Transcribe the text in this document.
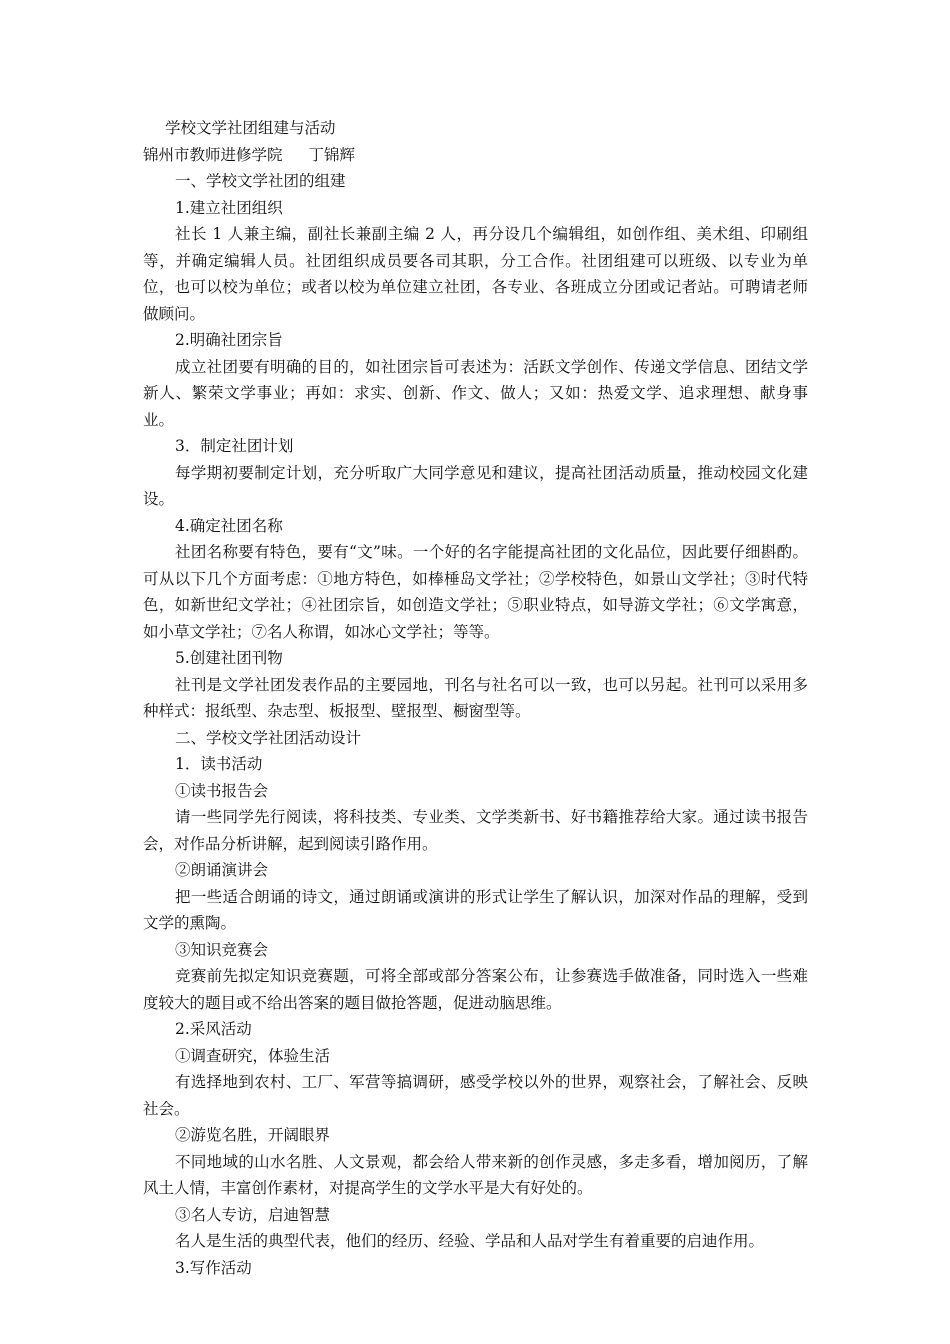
学校文学社团组建与活动
锦州市教师进修学院 丁锦辉
一、学校文学社团的组建
1.建立社团组织

社长 1 人兼主编，副社长兼副主编 2 人，再分设几个编辑组，如创作组、美术组、印刷组等，并确定编辑人员。社团组织成员要各司其职，分工合作。社团组建可以班级、以专业为单位，也可以校为单位；或者以校为单位建立社团，各专业、各班成立分团或记者站。可聘请老师做顾问。

2.明确社团宗旨

成立社团要有明确的目的，如社团宗旨可表述为：活跃文学创作、传递文学信息、团结文学新人、繁荣文学事业；再如：求实、创新、作文、做人；又如：热爱文学、追求理想、献身事业。

3．制定社团计划

每学期初要制定计划，充分听取广大同学意见和建议，提高社团活动质量，推动校园文化建设。

4.确定社团名称

社团名称要有特色，要有“文”味。一个好的名字能提高社团的文化品位，因此要仔细斟酌。可从以下几个方面考虑：①地方特色，如棒棰岛文学社；②学校特色，如景山文学社；③时代特色，如新世纪文学社；④社团宗旨，如创造文学社；⑤职业特点，如导游文学社；⑥文学寓意，如小草文学社；⑦名人称谓，如冰心文学社；等等。

5.创建社团刊物

社刊是文学社团发表作品的主要园地，刊名与社名可以一致，也可以另起。社刊可以采用多种样式：报纸型、杂志型、板报型、壁报型、橱窗型等。

二、学校文学社团活动设计
1．读书活动
①读书报告会

请一些同学先行阅读，将科技类、专业类、文学类新书、好书籍推荐给大家。通过读书报告会，对作品分析讲解，起到阅读引路作用。

②朗诵演讲会

把一些适合朗诵的诗文，通过朗诵或演讲的形式让学生了解认识，加深对作品的理解，受到文学的熏陶。

③知识竞赛会

竞赛前先拟定知识竞赛题，可将全部或部分答案公布，让参赛选手做准备，同时选入一些难度较大的题目或不给出答案的题目做抢答题，促进动脑思维。

2.采风活动
①调查研究，体验生活

有选择地到农村、工厂、军营等搞调研，感受学校以外的世界，观察社会，了解社会、反映社会。

②游览名胜，开阔眼界

不同地域的山水名胜、人文景观，都会给人带来新的创作灵感，多走多看，增加阅历，了解风土人情，丰富创作素材，对提高学生的文学水平是大有好处的。

③名人专访，启迪智慧

名人是生活的典型代表，他们的经历、经验、学品和人品对学生有着重要的启迪作用。

3.写作活动
